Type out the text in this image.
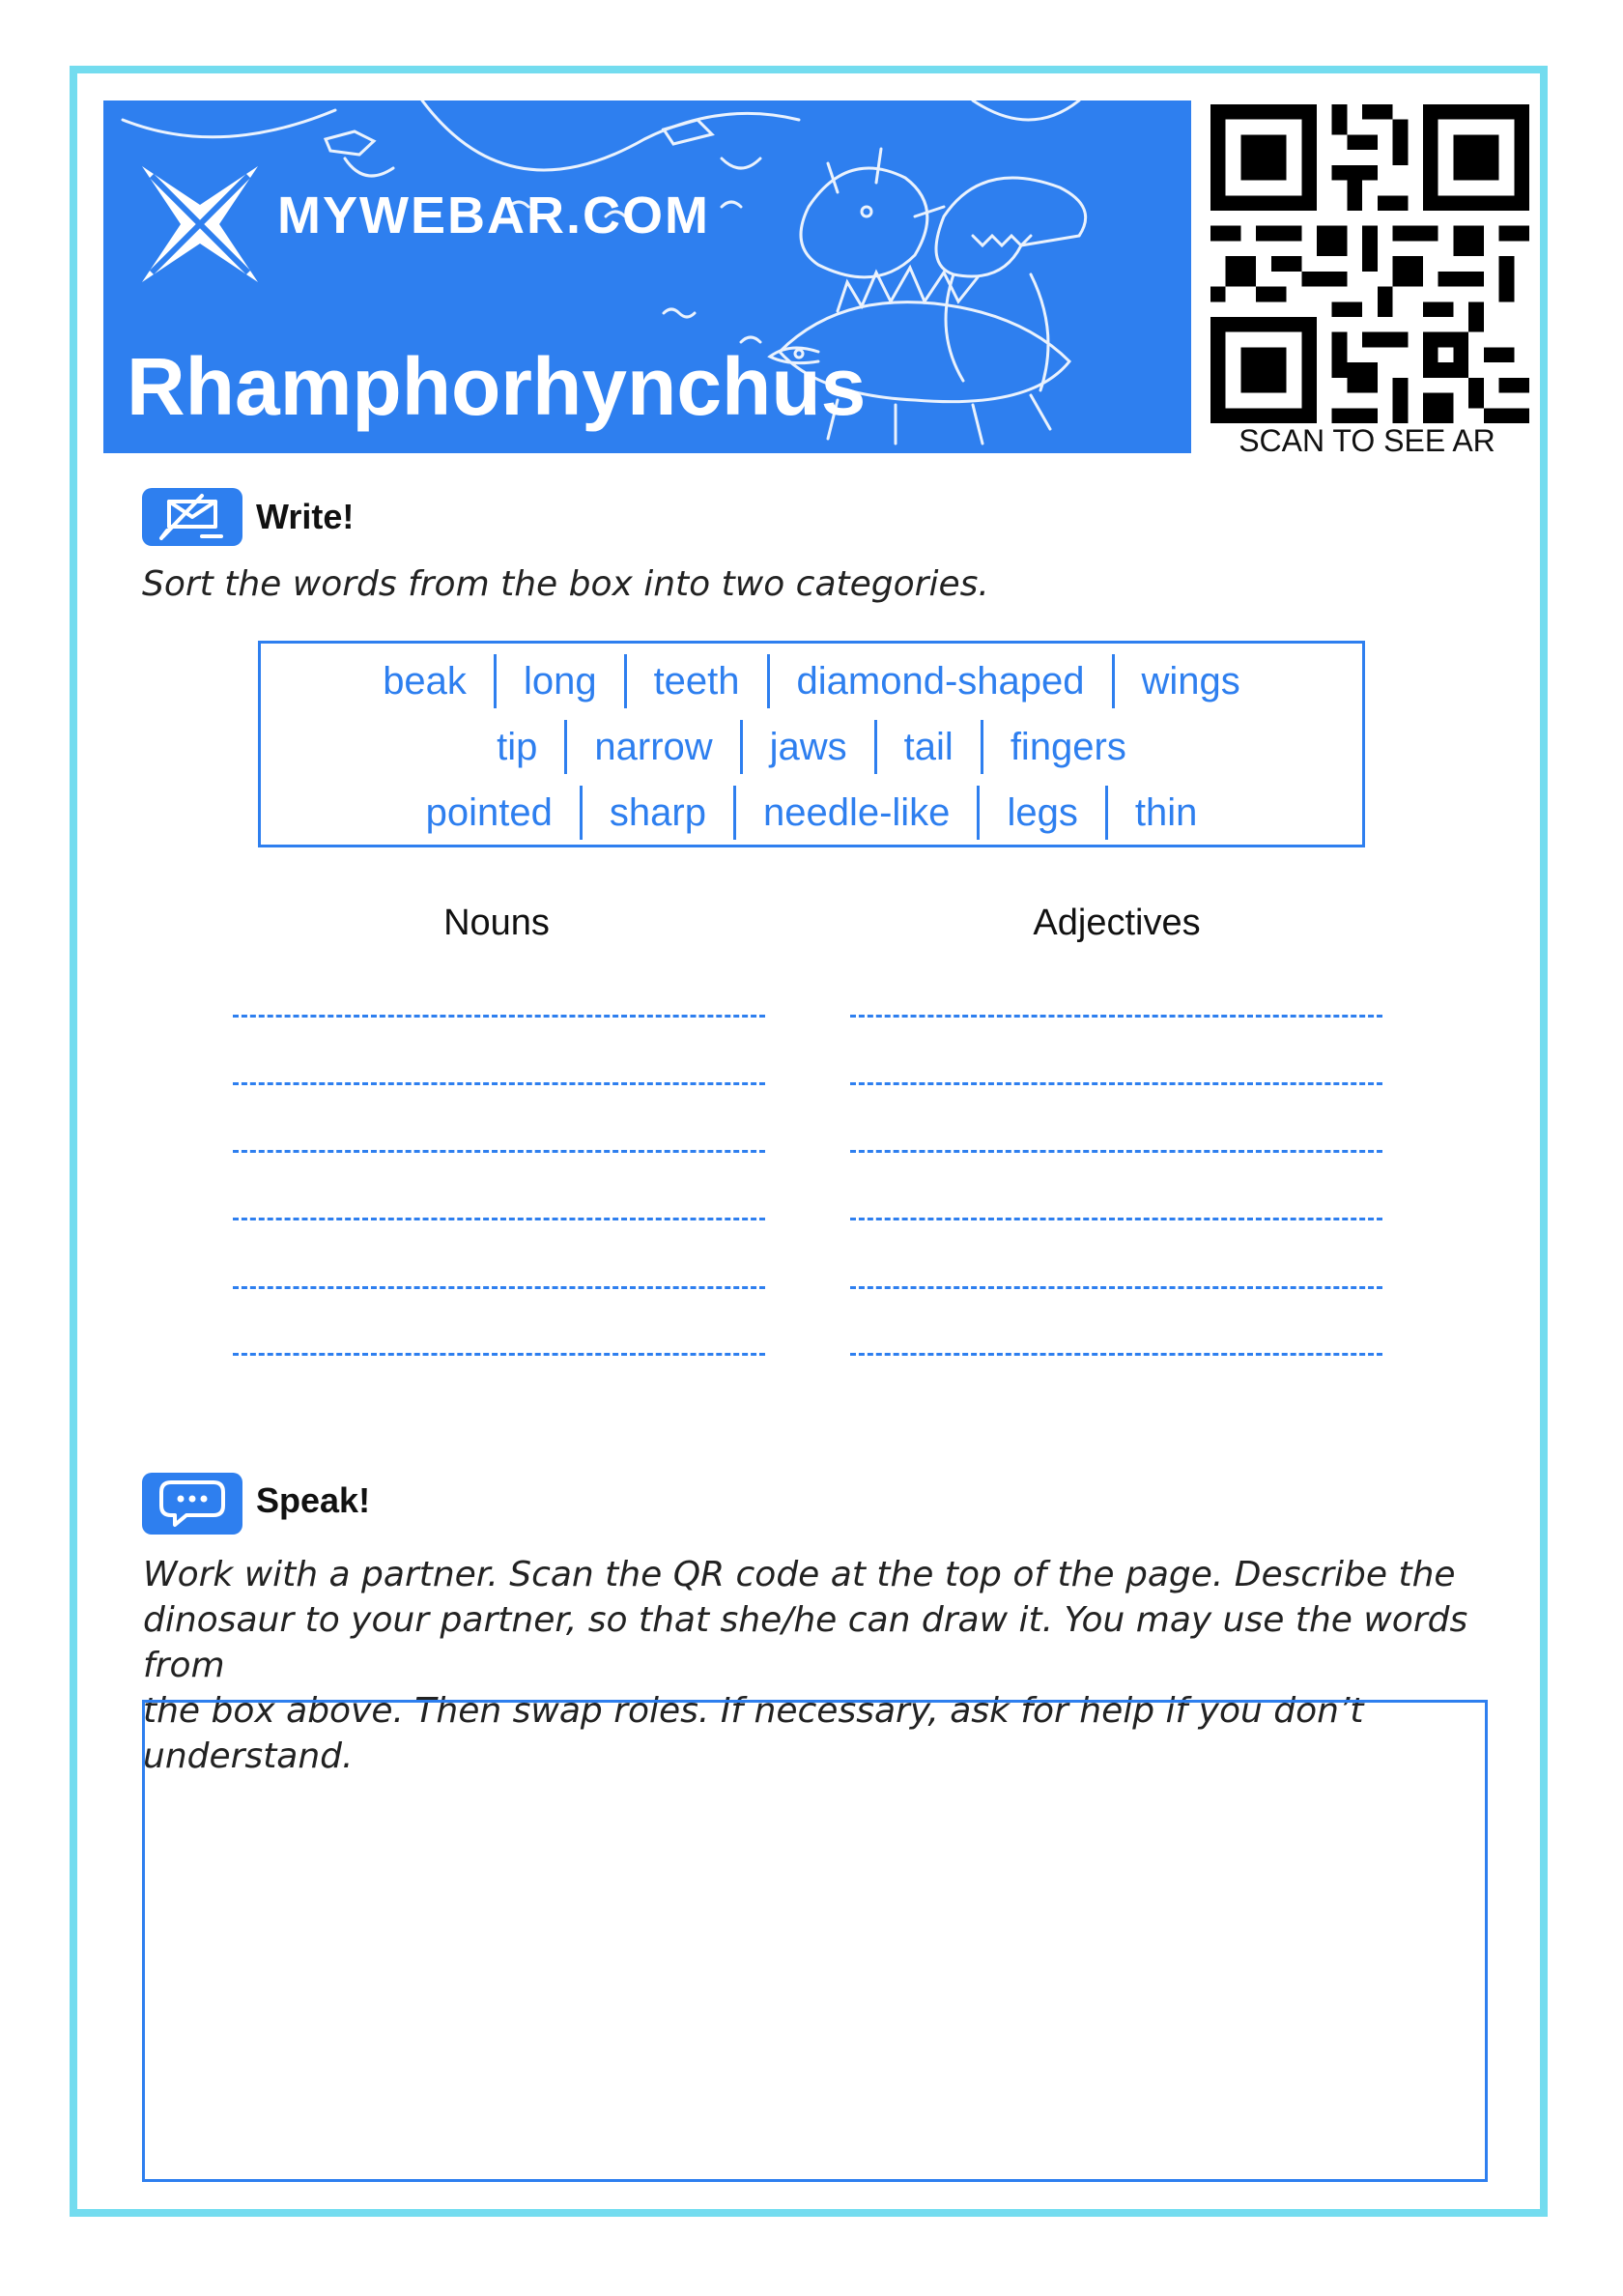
MYWEBAR.COM
Rhamphorhynchus
SCAN TO SEE AR
Write!
Sort the words from the box into two categories.
beak	long	teeth	diamond-shaped	wings
tip	narrow	jaws	tail	fingers
pointed	sharp	needle-like	legs	thin
Nouns	Adjectives
Speak!
Work with a partner. Scan the QR code at the top of the page. Describe the
dinosaur to your partner, so that she/he can draw it. You may use the words from
the box above. Then swap roles. If necessary, ask for help if you don’t understand.
